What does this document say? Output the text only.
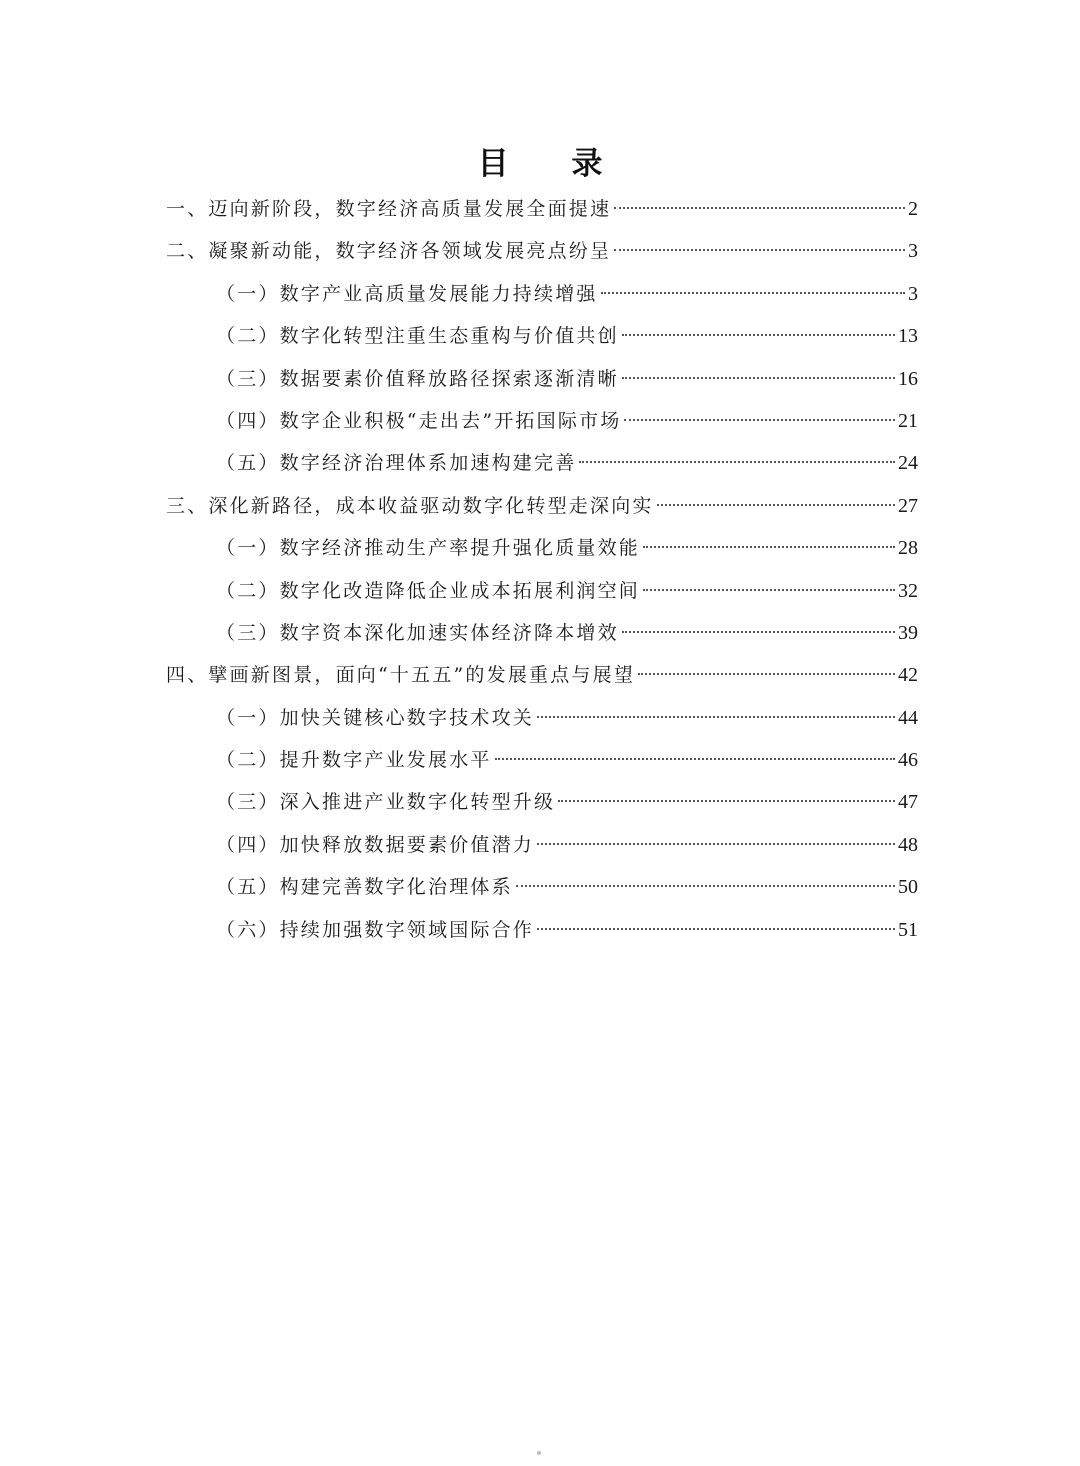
目 录
一、迈向新阶段，数字经济高质量发展全面提速	2
二、凝聚新动能，数字经济各领域发展亮点纷呈	3
（一）数字产业高质量发展能力持续增强	3
（二）数字化转型注重生态重构与价值共创	13
（三）数据要素价值释放路径探索逐渐清晰	16
（四）数字企业积极“走出去”开拓国际市场	21
（五）数字经济治理体系加速构建完善	24
三、深化新路径，成本收益驱动数字化转型走深向实	27
（一）数字经济推动生产率提升强化质量效能	28
（二）数字化改造降低企业成本拓展利润空间	32
（三）数字资本深化加速实体经济降本增效	39
四、擘画新图景，面向“十五五”的发展重点与展望	42
（一）加快关键核心数字技术攻关	44
（二）提升数字产业发展水平	46
（三）深入推进产业数字化转型升级	47
（四）加快释放数据要素价值潜力	48
（五）构建完善数字化治理体系	50
（六）持续加强数字领域国际合作	51
